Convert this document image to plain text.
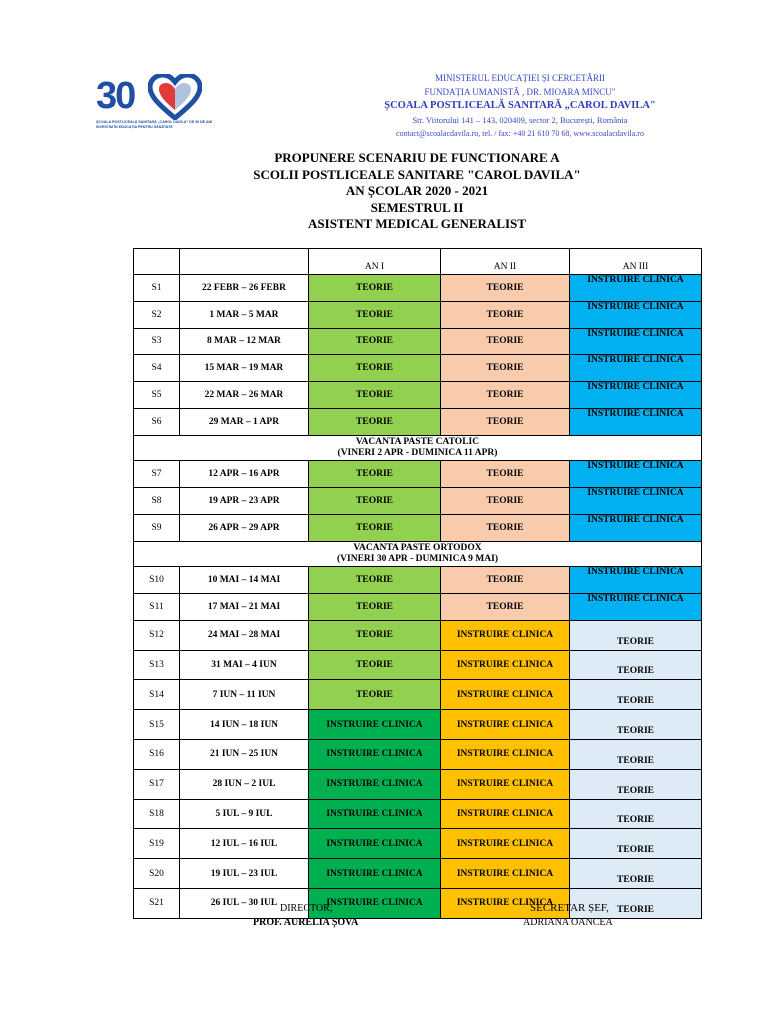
30
ȘCOALA POSTLICEALĂ SANITARĂ „CAROL DAVILA” DE 30 DE ANI INVESTIM ÎN EDUCAȚIA PENTRU SĂNĂTATE
MINISTERUL EDUCAȚIEI ȘI CERCETĂRII
FUNDAȚIA UMANISTĂ , DR. MIOARA MINCU"
ȘCOALA POSTLICEALĂ SANITARĂ „CAROL DAVILA"
Str. Viitorului 141 – 143, 020409, sector 2, București, România
contact@scoalacdavila.ro, tel. / fax: +40 21 610 70 68, www.scoalacdavila.ro
PROPUNERE SCENARIU DE FUNCTIONARE A
SCOLII POSTLICEALE SANITARE "CAROL DAVILA"
AN ȘCOLAR 2020 - 2021
SEMESTRUL II
ASISTENT MEDICAL GENERALIST
		AN I	AN II	AN III
S1	22 FEBR – 26 FEBR	TEORIE	TEORIE	INSTRUIRE CLINICA
S2	1 MAR – 5 MAR	TEORIE	TEORIE	INSTRUIRE CLINICA
S3	8 MAR – 12 MAR	TEORIE	TEORIE	INSTRUIRE CLINICA
S4	15 MAR – 19 MAR	TEORIE	TEORIE	INSTRUIRE CLINICA
S5	22 MAR – 26 MAR	TEORIE	TEORIE	INSTRUIRE CLINICA
S6	29 MAR – 1 APR	TEORIE	TEORIE	INSTRUIRE CLINICA

VACANTA PASTE CATOLIC
(VINERI 2 APR - DUMINICA 11 APR)				

S7	12 APR – 16 APR	TEORIE	TEORIE	INSTRUIRE CLINICA
S8	19 APR – 23 APR	TEORIE	TEORIE	INSTRUIRE CLINICA
S9	26 APR – 29 APR	TEORIE	TEORIE	INSTRUIRE CLINICA

VACANTA PASTE ORTODOX
(VINERI 30 APR - DUMINICA 9 MAI)				

S10	10 MAI – 14 MAI	TEORIE	TEORIE	INSTRUIRE CLINICA
S11	17 MAI – 21 MAI	TEORIE	TEORIE	INSTRUIRE CLINICA
S12	24 MAI – 28 MAI	TEORIE	INSTRUIRE CLINICA	TEORIE
S13	31 MAI – 4 IUN	TEORIE	INSTRUIRE CLINICA	TEORIE
S14	7 IUN – 11 IUN	TEORIE	INSTRUIRE CLINICA	TEORIE
S15	14 IUN – 18 IUN	INSTRUIRE CLINICA	INSTRUIRE CLINICA	TEORIE
S16	21 IUN – 25 IUN	INSTRUIRE CLINICA	INSTRUIRE CLINICA	TEORIE
S17	28 IUN – 2 IUL	INSTRUIRE CLINICA	INSTRUIRE CLINICA	TEORIE
S18	5 IUL – 9 IUL	INSTRUIRE CLINICA	INSTRUIRE CLINICA	TEORIE
S19	12 IUL – 16 IUL	INSTRUIRE CLINICA	INSTRUIRE CLINICA	TEORIE
S20	19 IUL – 23 IUL	INSTRUIRE CLINICA	INSTRUIRE CLINICA	TEORIE
S21	26 IUL – 30 IUL	INSTRUIRE CLINICA	INSTRUIRE CLINICA	TEORIE
DIRECTOR,
PROF. AURELIA ȘOVA
SECRETAR ȘEF,
ADRIANA OANCEA
